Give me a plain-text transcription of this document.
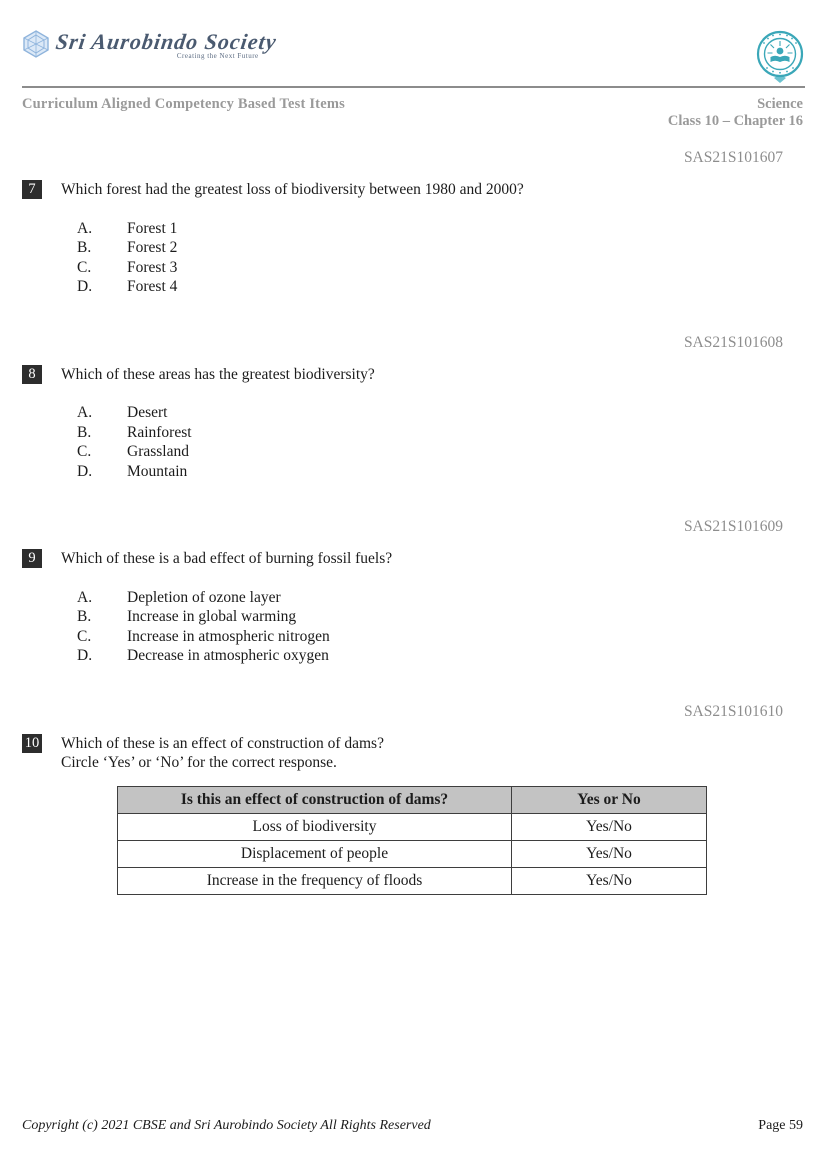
Sri Aurobindo Society
Creating the Next Future
Curriculum Aligned Competency Based Test Items	Science
Class 10 – Chapter 16
SAS21S101607
7	Which forest had the greatest loss of biodiversity between 1980 and 2000?
A.	Forest 1
B.	Forest 2
C.	Forest 3
D.	Forest 4
SAS21S101608
8	Which of these areas has the greatest biodiversity?
A.	Desert
B.	Rainforest
C.	Grassland
D.	Mountain
SAS21S101609
9	Which of these is a bad effect of burning fossil fuels?
A.	Depletion of ozone layer
B.	Increase in global warming
C.	Increase in atmospheric nitrogen
D.	Decrease in atmospheric oxygen
SAS21S101610
10 Which of these is an effect of construction of dams?
Circle ‘Yes’ or ‘No’ for the correct response.
Is this an effect of construction of dams?	Yes or No
Loss of biodiversity	Yes/No
Displacement of people	Yes/No
Increase in the frequency of floods	Yes/No
Copyright (c) 2021 CBSE and Sri Aurobindo Society All Rights Reserved	Page 59
